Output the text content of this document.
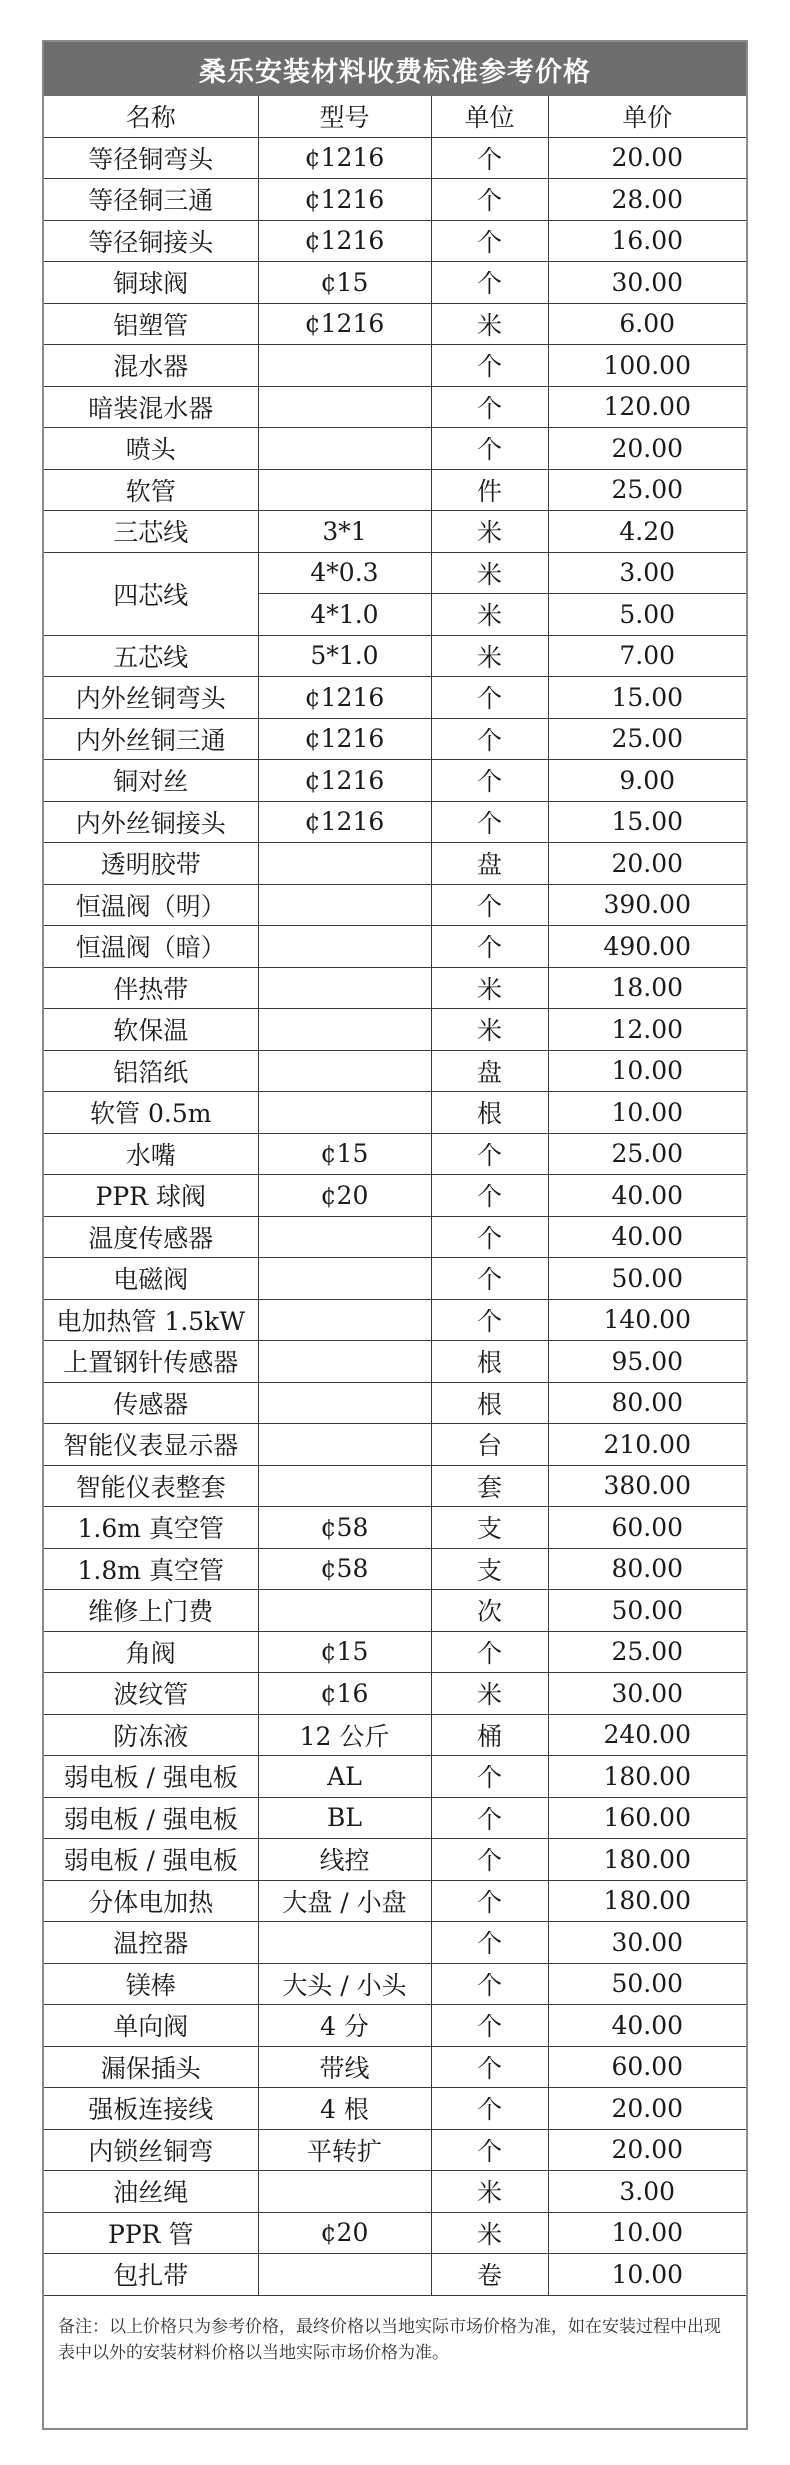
桑乐安装材料收费标准参考价格
名称	型号	单位	单价
等径铜弯头	¢1216	个	20.00
等径铜三通	¢1216	个	28.00
等径铜接头	¢1216	个	16.00
铜球阀	¢15	个	30.00
铝塑管	¢1216	米	6.00
混水器		个	100.00
暗装混水器		个	120.00
喷头		个	20.00
软管		件	25.00
三芯线	3*1	米	4.20
四芯线	4*0.3	米	3.00
	4*1.0	米	5.00
五芯线	5*1.0	米	7.00
内外丝铜弯头	¢1216	个	15.00
内外丝铜三通	¢1216	个	25.00
铜对丝	¢1216	个	9.00
内外丝铜接头	¢1216	个	15.00
透明胶带		盘	20.00
恒温阀（明）		个	390.00
恒温阀（暗）		个	490.00
伴热带		米	18.00
软保温		米	12.00
铝箔纸		盘	10.00
软管 0.5m		根	10.00
水嘴	¢15	个	25.00
PPR 球阀	¢20	个	40.00
温度传感器		个	40.00
电磁阀		个	50.00
电加热管 1.5kW		个	140.00
上置钢针传感器		根	95.00
传感器		根	80.00
智能仪表显示器		台	210.00
智能仪表整套		套	380.00
1.6m 真空管	¢58	支	60.00
1.8m 真空管	¢58	支	80.00
维修上门费		次	50.00
角阀	¢15	个	25.00
波纹管	¢16	米	30.00
防冻液	12 公斤	桶	240.00
弱电板 / 强电板	AL	个	180.00
弱电板 / 强电板	BL	个	160.00
弱电板 / 强电板	线控	个	180.00
分体电加热	大盘 / 小盘	个	180.00
温控器		个	30.00
镁棒	大头 / 小头	个	50.00
单向阀	4 分	个	40.00
漏保插头	带线	个	60.00
强板连接线	4 根	个	20.00
内锁丝铜弯	平转扩	个	20.00
油丝绳		米	3.00
PPR 管	¢20	米	10.00
包扎带		卷	10.00
备注：以上价格只为参考价格，最终价格以当地实际市场价格为准，如在安装过程中出现表中以外的安装材料价格以当地实际市场价格为准。
